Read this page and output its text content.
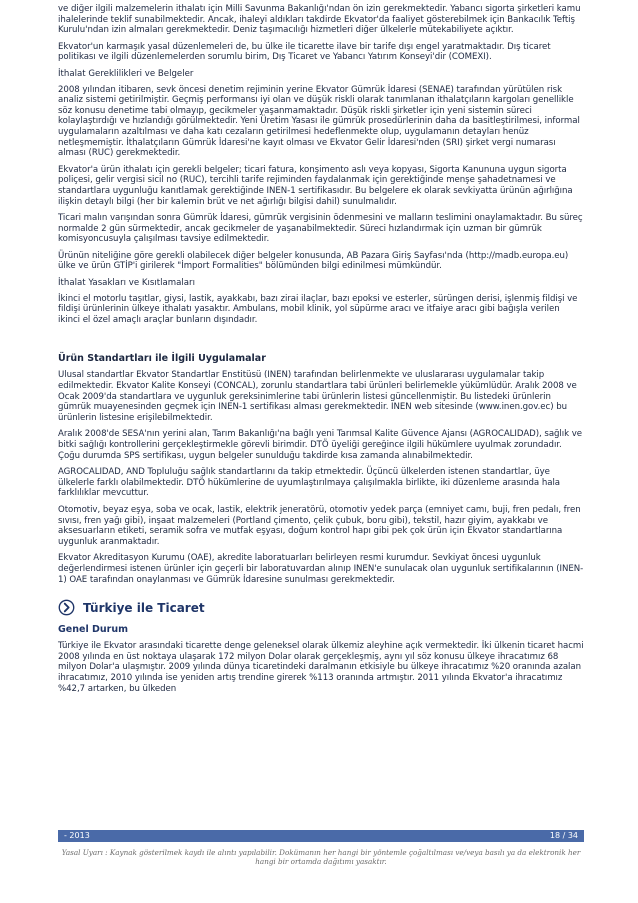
ve diğer ilgili malzemelerin ithalatı için Milli Savunma Bakanlığı'ndan ön izin gerekmektedir. Yabancı sigorta şirketleri kamu ihalelerinde teklif sunabilmektedir. Ancak, ihaleyi aldıkları takdirde Ekvator'da faaliyet gösterebilmek için Bankacılık Teftiş Kurulu'ndan izin almaları gerekmektedir. Deniz taşımacılığı hizmetleri diğer ülkelerle mütekabiliyete açıktır.

Ekvator'un karmaşık yasal düzenlemeleri de, bu ülke ile ticarette ilave bir tarife dışı engel yaratmaktadır. Dış ticaret politikası ve ilgili düzenlemelerden sorumlu birim, Dış Ticaret ve Yabancı Yatırım Konseyi'dir (COMEXI).

İthalat Gereklilikleri ve Belgeler

2008 yılından itibaren, sevk öncesi denetim rejiminin yerine Ekvator Gümrük İdaresi (SENAE) tarafından yürütülen risk analiz sistemi getirilmiştir. Geçmiş performansı iyi olan ve düşük riskli olarak tanımlanan ithalatçıların kargoları genellikle söz konusu denetime tabi olmayıp, gecikmeler yaşanmamaktadır. Düşük riskli şirketler için yeni sistemin süreci kolaylaştırdığı ve hızlandığı görülmektedir. Yeni Üretim Yasası ile gümrük prosedürlerinin daha da basitleştirilmesi, informal uygulamaların azaltılması ve daha katı cezaların getirilmesi hedeflenmekte olup, uygulamanın detayları henüz netleşmemiştir. İthalatçıların Gümrük İdaresi'ne kayıt olması ve Ekvator Gelir İdaresi'nden (SRI) şirket vergi numarası alması (RUC) gerekmektedir.

Ekvator'a ürün ithalatı için gerekli belgeler; ticari fatura, konşimento aslı veya kopyası, Sigorta Kanununa uygun sigorta poliçesi, gelir vergisi sicil no (RUC), tercihli tarife rejiminden faydalanmak için gerektiğinde menşe şahadetnamesi ve standartlara uygunluğu kanıtlamak gerektiğinde INEN-1 sertifikasıdır. Bu belgelere ek olarak sevkiyatta ürünün ağırlığına ilişkin detaylı bilgi (her bir kalemin brüt ve net ağırlığı bilgisi dahil) sunulmalıdır.

Ticari malın varışından sonra Gümrük İdaresi, gümrük vergisinin ödenmesini ve malların teslimini onaylamaktadır. Bu süreç normalde 2 gün sürmektedir, ancak gecikmeler de yaşanabilmektedir. Süreci hızlandırmak için uzman bir gümrük komisyoncusuyla çalışılması tavsiye edilmektedir.

Ürünün niteliğine göre gerekli olabilecek diğer belgeler konusunda, AB Pazara Giriş Sayfası'nda (http://madb.europa.eu) ülke ve ürün GTİP'i girilerek "İmport Formalities" bölümünden bilgi edinilmesi mümkündür.

İthalat Yasakları ve Kısıtlamaları

İkinci el motorlu taşıtlar, giysi, lastik, ayakkabı, bazı zirai ilaçlar, bazı epoksi ve esterler, sürüngen derisi, işlenmiş fildişi ve fildişi ürünlerinin ülkeye ithalatı yasaktır. Ambulans, mobil klinik, yol süpürme aracı ve itfaiye aracı gibi bağışla verilen ikinci el özel amaçlı araçlar bunların dışındadır.

Ürün Standartları ile İlgili Uygulamalar

Ulusal standartlar Ekvator Standartlar Enstitüsü (INEN) tarafından belirlenmekte ve uluslararası uygulamalar takip edilmektedir. Ekvator Kalite Konseyi (CONCAL), zorunlu standartlara tabi ürünleri belirlemekle yükümlüdür. Aralık 2008 ve Ocak 2009'da standartlara ve uygunluk gereksinimlerine tabi ürünlerin listesi güncellenmiştir. Bu listedeki ürünlerin gümrük muayenesinden geçmek için INEN-1 sertifikası alması gerekmektedir. INEN web sitesinde (www.inen.gov.ec) bu ürünlerin listesine erişilebilmektedir.

Aralık 2008'de SESA'nın yerini alan, Tarım Bakanlığı'na bağlı yeni Tarımsal Kalite Güvence Ajansı (AGROCALIDAD), sağlık ve bitki sağlığı kontrollerini gerçekleştirmekle görevli birimdir. DTÖ üyeliği gereğince ilgili hükümlere uyulmak zorundadır. Çoğu durumda SPS sertifikası, uygun belgeler sunulduğu takdirde kısa zamanda alınabilmektedir.

AGROCALIDAD, AND Topluluğu sağlık standartlarını da takip etmektedir. Üçüncü ülkelerden istenen standartlar, üye ülkelerle farklı olabilmektedir. DTÖ hükümlerine de uyumlaştırılmaya çalışılmakla birlikte, iki düzenleme arasında hala farklılıklar mevcuttur.

Otomotiv, beyaz eşya, soba ve ocak, lastik, elektrik jeneratörü, otomotiv yedek parça (emniyet camı, buji, fren pedalı, fren sıvısı, fren yağı gibi), inşaat malzemeleri (Portland çimento, çelik çubuk, boru gibi), tekstil, hazır giyim, ayakkabı ve aksesuarların etiketi, seramik sofra ve mutfak eşyası, doğum kontrol hapı gibi pek çok ürün için Ekvator standartlarına uygunluk aranmaktadır.

Ekvator Akreditasyon Kurumu (OAE), akredite laboratuarları belirleyen resmi kurumdur. Sevkiyat öncesi uygunluk değerlendirmesi istenen ürünler için geçerli bir laboratuvardan alınıp INEN'e sunulacak olan uygunluk sertifikalarının (INEN-1) OAE tarafından onaylanması ve Gümrük İdaresine sunulması gerekmektedir.

Türkiye ile Ticaret
Genel Durum

Türkiye ile Ekvator arasındaki ticarette denge geleneksel olarak ülkemiz aleyhine açık vermektedir. İki ülkenin ticaret hacmi 2008 yılında en üst noktaya ulaşarak 172 milyon Dolar olarak gerçekleşmiş, aynı yıl söz konusu ülkeye ihracatımız 68 milyon Dolar'a ulaşmıştır. 2009 yılında dünya ticaretindeki daralmanın etkisiyle bu ülkeye ihracatımız %20 oranında azalan ihracatımız, 2010 yılında ise yeniden artış trendine girerek %113 oranında artmıştır. 2011 yılında Ekvator'a ihracatımız %42,7 artarken, bu ülkeden

- 2013	18 / 34
Yasal Uyarı : Kaynak gösterilmek kaydı ile alıntı yapılabilir. Dokümanın her hangi bir yöntemle çoğaltılması ve/veya basılı ya da elektronik her hangi bir ortamda dağıtımı yasaktır.
